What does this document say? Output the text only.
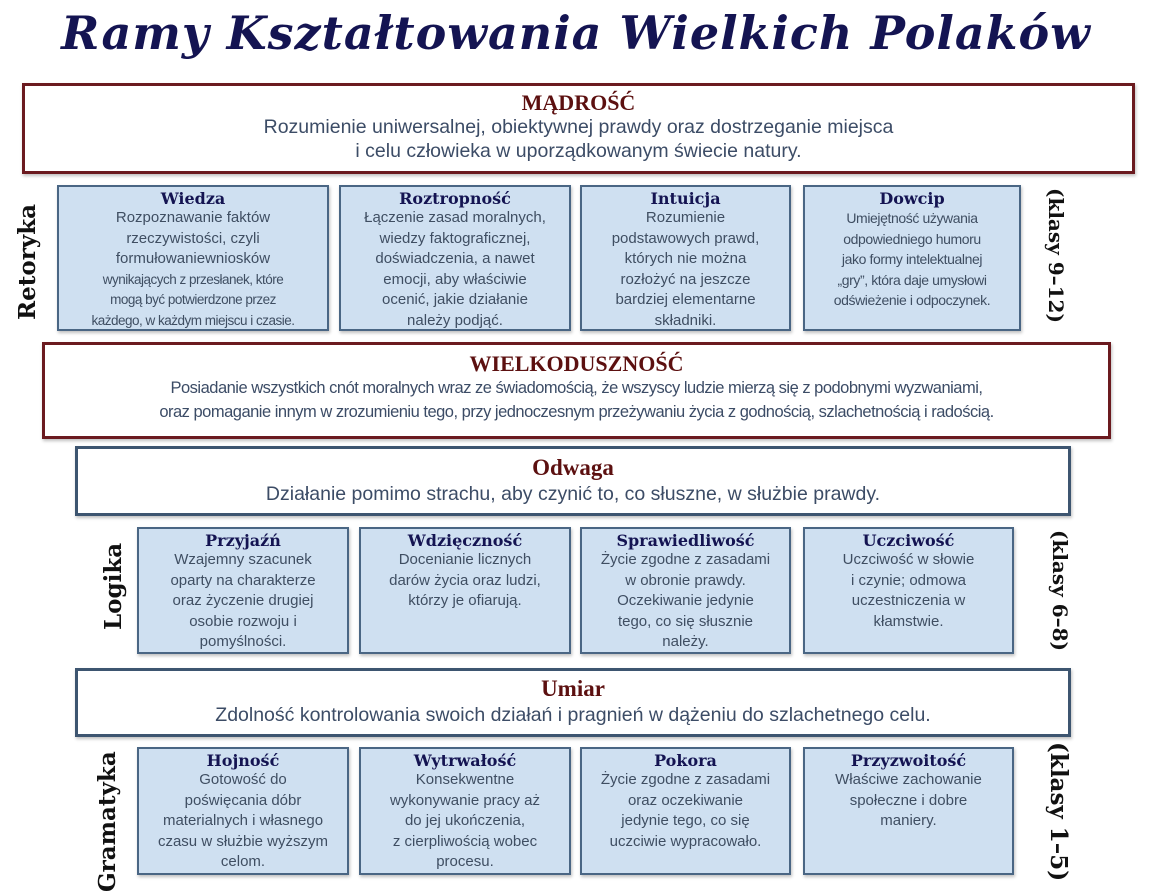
Ramy Kształtowania Wielkich Polaków
MĄDROŚĆ
Rozumienie uniwersalnej, obiektywnej prawdy oraz dostrzeganie miejsca
i celu człowieka w uporządkowanym świecie natury.
Retoryka	(klasy 9–12)
Wiedza
Rozpoznawanie faktów
rzeczywistości, czyli
formułowaniewniosków
wynikających z przesłanek, które
mogą być potwierdzone przez
każdego, w każdym miejscu i czasie.
Roztropność
Łączenie zasad moralnych,
wiedzy faktograficznej,
doświadczenia, a nawet
emocji, aby właściwie
ocenić, jakie działanie
należy podjąć.
Intuicja
Rozumienie
podstawowych prawd,
których nie można
rozłożyć na jeszcze
bardziej elementarne
składniki.
Dowcip
Umiejętność używania
odpowiedniego humoru
jako formy intelektualnej
„gry”, która daje umysłowi
odświeżenie i odpoczynek.
WIELKODUSZNOŚĆ
Posiadanie wszystkich cnót moralnych wraz ze świadomością, że wszyscy ludzie mierzą się z podobnymi wyzwaniami,
oraz pomaganie innym w zrozumieniu tego, przy jednoczesnym przeżywaniu życia z godnością, szlachetnością i radością.
Odwaga
Działanie pomimo strachu, aby czynić to, co słuszne, w służbie prawdy.
Logika	(klasy 6–8)
Przyjaźń
Wzajemny szacunek
oparty na charakterze
oraz życzenie drugiej
osobie rozwoju i
pomyślności.
Wdzięczność
Docenianie licznych
darów życia oraz ludzi,
którzy je ofiarują.
Sprawiedliwość
Życie zgodne z zasadami
w obronie prawdy.
Oczekiwanie jedynie
tego, co się słusznie
należy.
Uczciwość
Uczciwość w słowie
i czynie; odmowa
uczestniczenia w
kłamstwie.
Umiar
Zdolność kontrolowania swoich działań i pragnień w dążeniu do szlachetnego celu.
Gramatyka	(klasy 1–5)
Hojność
Gotowość do
poświęcania dóbr
materialnych i własnego
czasu w służbie wyższym
celom.
Wytrwałość
Konsekwentne
wykonywanie pracy aż
do jej ukończenia,
z cierpliwością wobec
procesu.
Pokora
Życie zgodne z zasadami
oraz oczekiwanie
jedynie tego, co się
uczciwie wypracowało.
Przyzwoitość
Właściwe zachowanie
społeczne i dobre
maniery.
